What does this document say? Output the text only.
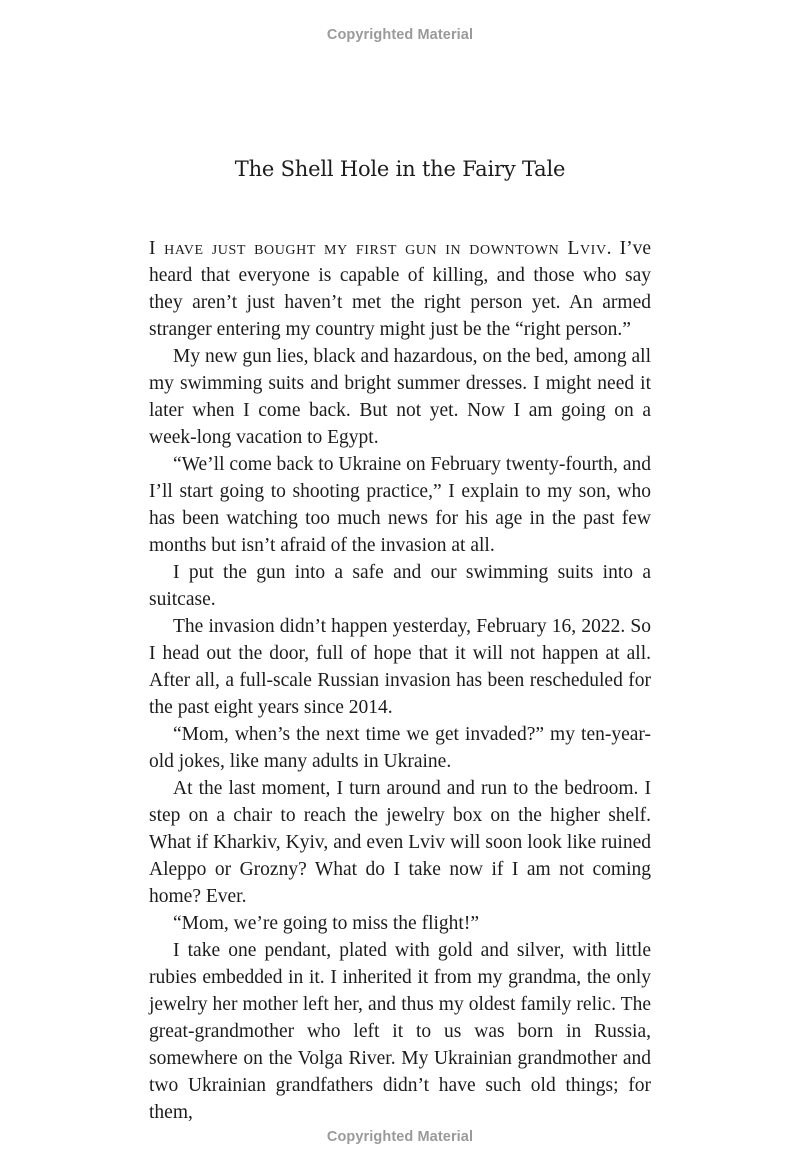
Copyrighted Material
The Shell Hole in the Fairy Tale

I have just bought my first gun in downtown Lviv. I’ve heard that everyone is capable of killing, and those who say they aren’t just haven’t met the right person yet. An armed stranger entering my country might just be the “right person.”

My new gun lies, black and hazardous, on the bed, among all my swimming suits and bright summer dresses. I might need it later when I come back. But not yet. Now I am going on a week-long vacation to Egypt.

“We’ll come back to Ukraine on February twenty-fourth, and I’ll start going to shooting practice,” I explain to my son, who has been watching too much news for his age in the past few months but isn’t afraid of the invasion at all.

I put the gun into a safe and our swimming suits into a suitcase.

The invasion didn’t happen yesterday, February 16, 2022. So I head out the door, full of hope that it will not happen at all. After all, a full-scale Russian invasion has been rescheduled for the past eight years since 2014.

“Mom, when’s the next time we get invaded?” my ten-year-old jokes, like many adults in Ukraine.

At the last moment, I turn around and run to the bedroom. I step on a chair to reach the jewelry box on the higher shelf. What if Kharkiv, Kyiv, and even Lviv will soon look like ruined Aleppo or Grozny? What do I take now if I am not coming home? Ever.

“Mom, we’re going to miss the flight!”

I take one pendant, plated with gold and silver, with little rubies embedded in it. I inherited it from my grandma, the only jewelry her mother left her, and thus my oldest family relic. The great-grandmother who left it to us was born in Russia, somewhere on the Volga River. My Ukrainian grandmother and two Ukrainian grandfathers didn’t have such old things; for them,

Copyrighted Material
